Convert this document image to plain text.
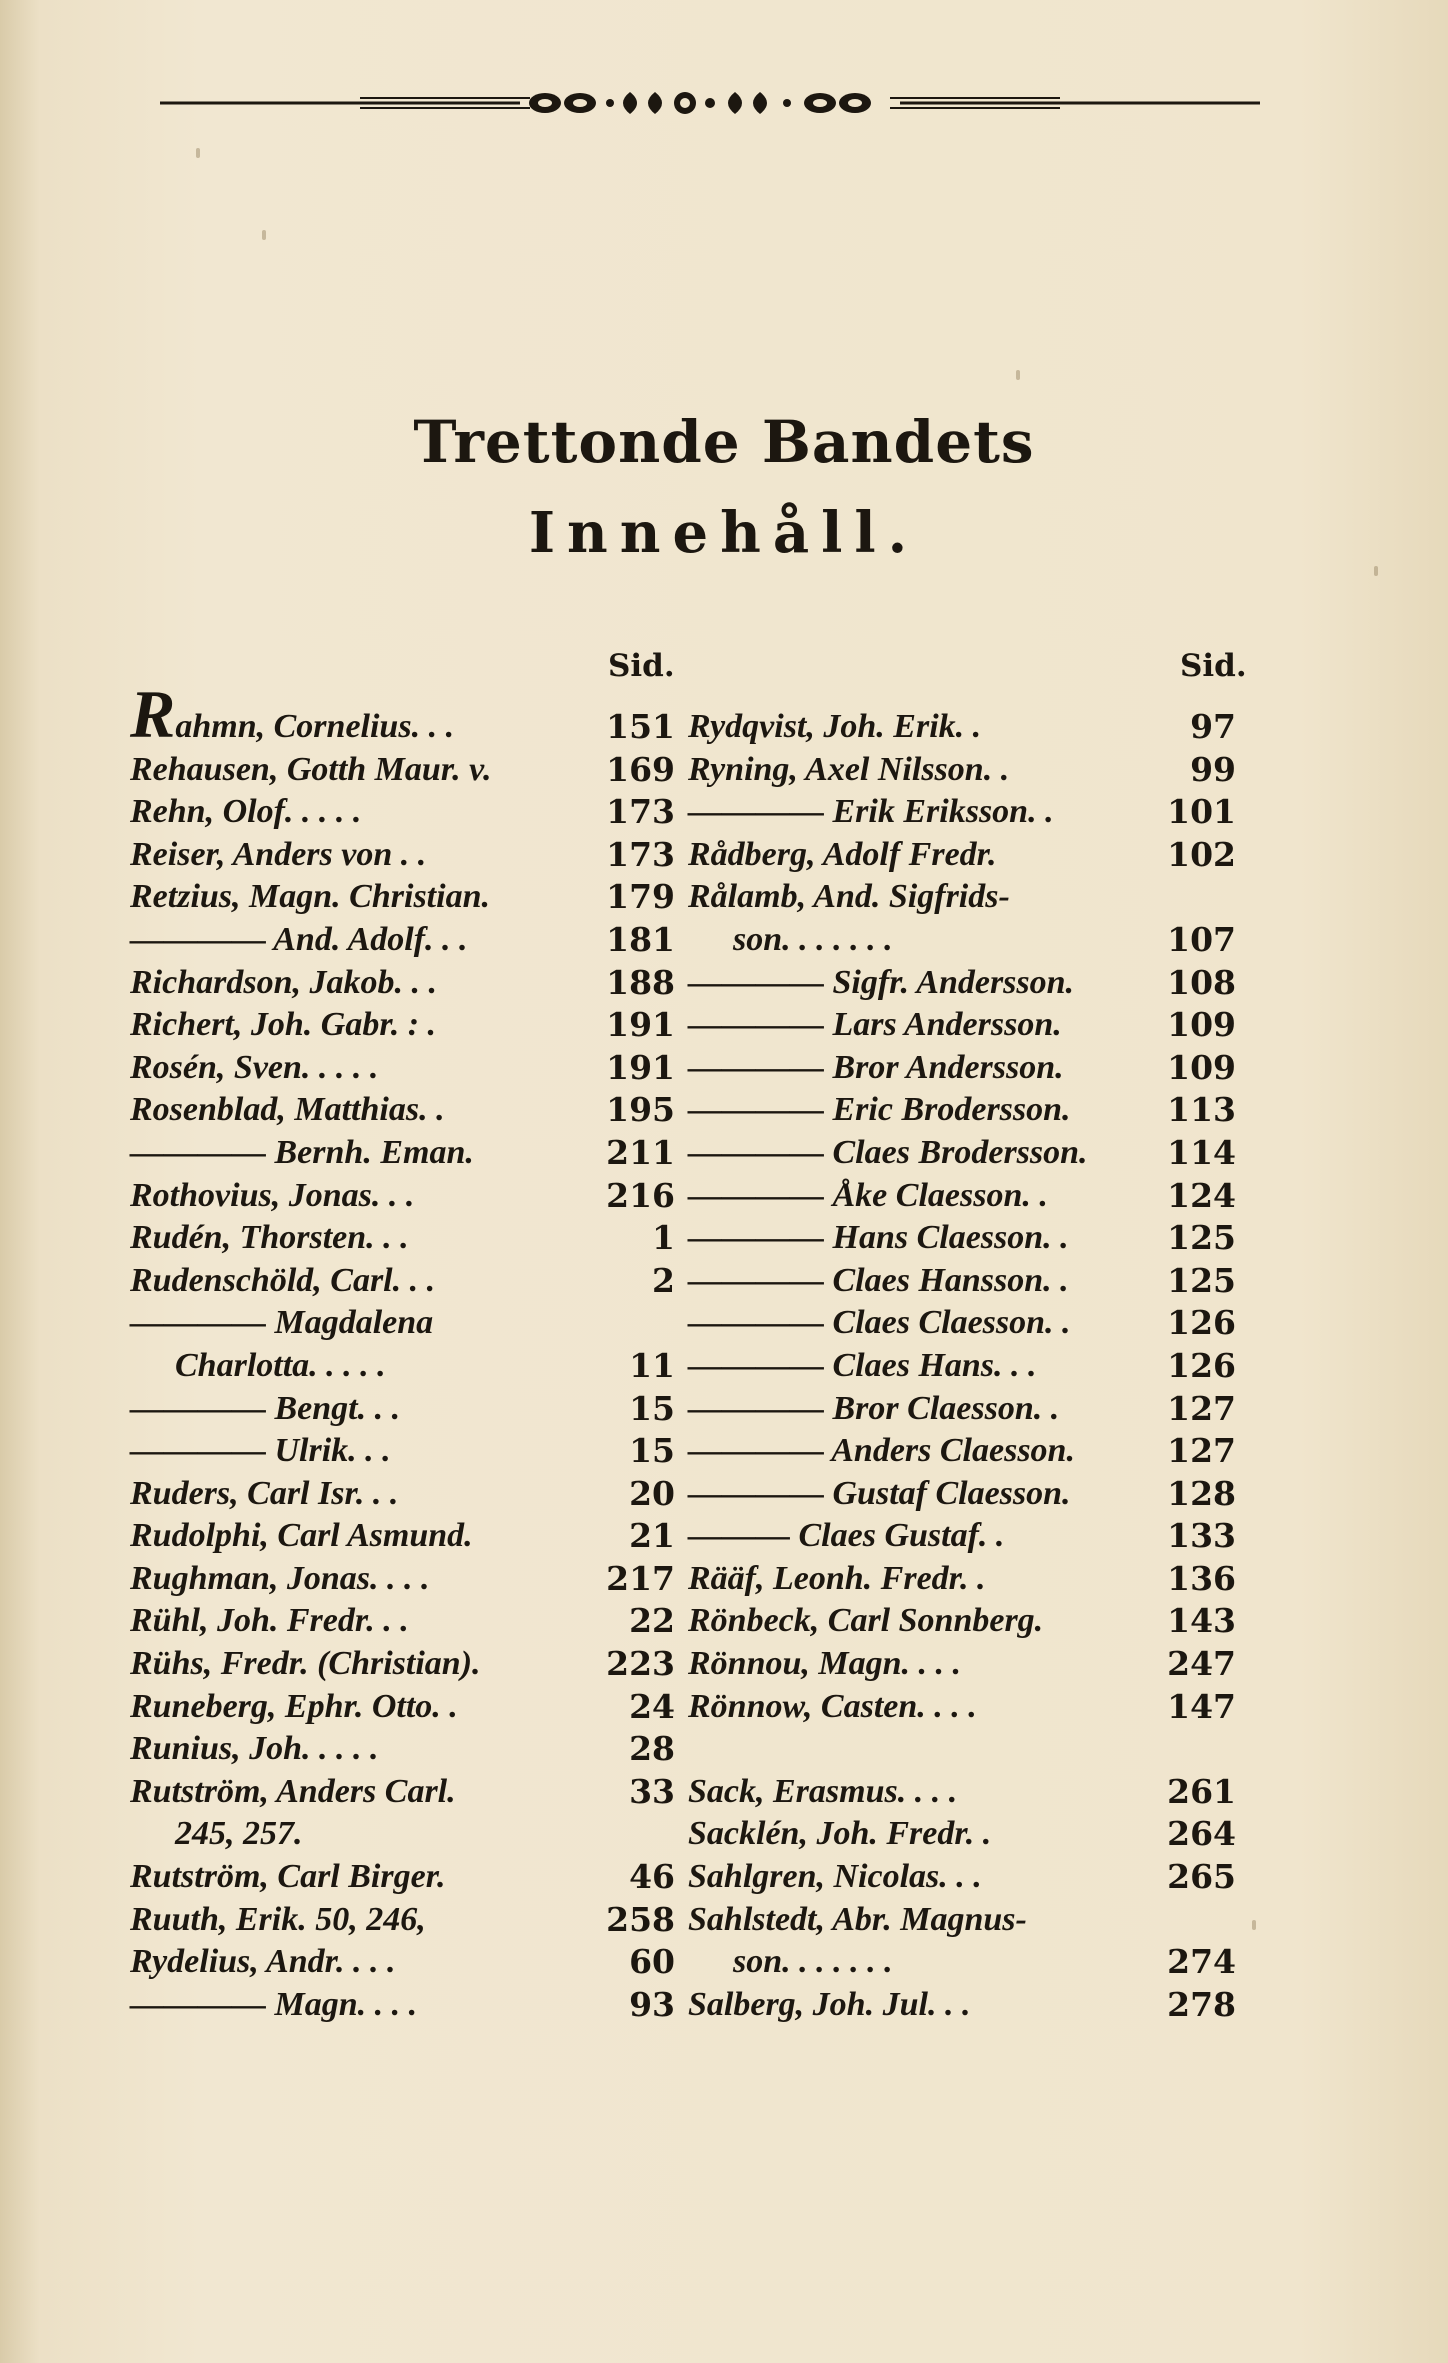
Trettonde Bandets
Innehåll.
Sid.	Sid.
Rahmn, Cornelius. . .	151
Rehausen, Gotth Maur. v.	169
Rehn, Olof. . . . .	173
Reiser, Anders von . .	173
Retzius, Magn. Christian.	179
———— And. Adolf. . .	181
Richardson, Jakob. . .	188
Richert, Joh. Gabr. : .	191
Rosén, Sven. . . . .	191
Rosenblad, Matthias. .	195
———— Bernh. Eman.	211
Rothovius, Jonas. . .	216
Rudén, Thorsten. . .	1
Rudenschöld, Carl. . .	2
———— Magdalena
Charlotta. . . . .	11
———— Bengt. . .	15
———— Ulrik. . .	15
Ruders, Carl Isr. . .	20
Rudolphi, Carl Asmund.	21
Rughman, Jonas. . . .	217
Rühl, Joh. Fredr. . .	22
Rühs, Fredr. (Christian).	223
Runeberg, Ephr. Otto. .	24
Runius, Joh. . . . .	28
Rutström, Anders Carl.	33
245, 257.
Rutström, Carl Birger.	46
Ruuth, Erik. 50, 246,	258
Rydelius, Andr. . . .	60
———— Magn. . . .	93
Rydqvist, Joh. Erik. .	97
Ryning, Axel Nilsson. .	99
———— Erik Eriksson. .	101
Rådberg, Adolf Fredr.	102
Rålamb, And. Sigfrids-
son. . . . . . .	107
———— Sigfr. Andersson.	108
———— Lars Andersson.	109
———— Bror Andersson.	109
———— Eric Brodersson.	113
———— Claes Brodersson. 114
———— Åke Claesson. .	124
———— Hans Claesson. .	125
———— Claes Hansson. .	125
———— Claes Claesson. .	126
———— Claes Hans. . .	126
———— Bror Claesson. .	127
———— Anders Claesson.	127
———— Gustaf Claesson.	128
——— Claes Gustaf. .	133
Rääf, Leonh. Fredr. .	136
Rönbeck, Carl Sonnberg.	143
Rönnou, Magn. . . .	247
Rönnow, Casten. . . .	147
Sack, Erasmus. . . .	261
Sacklén, Joh. Fredr. .	264
Sahlgren, Nicolas. . .	265
Sahlstedt, Abr. Magnus-
son. . . . . . .	274
Salberg, Joh. Jul. . .	278
